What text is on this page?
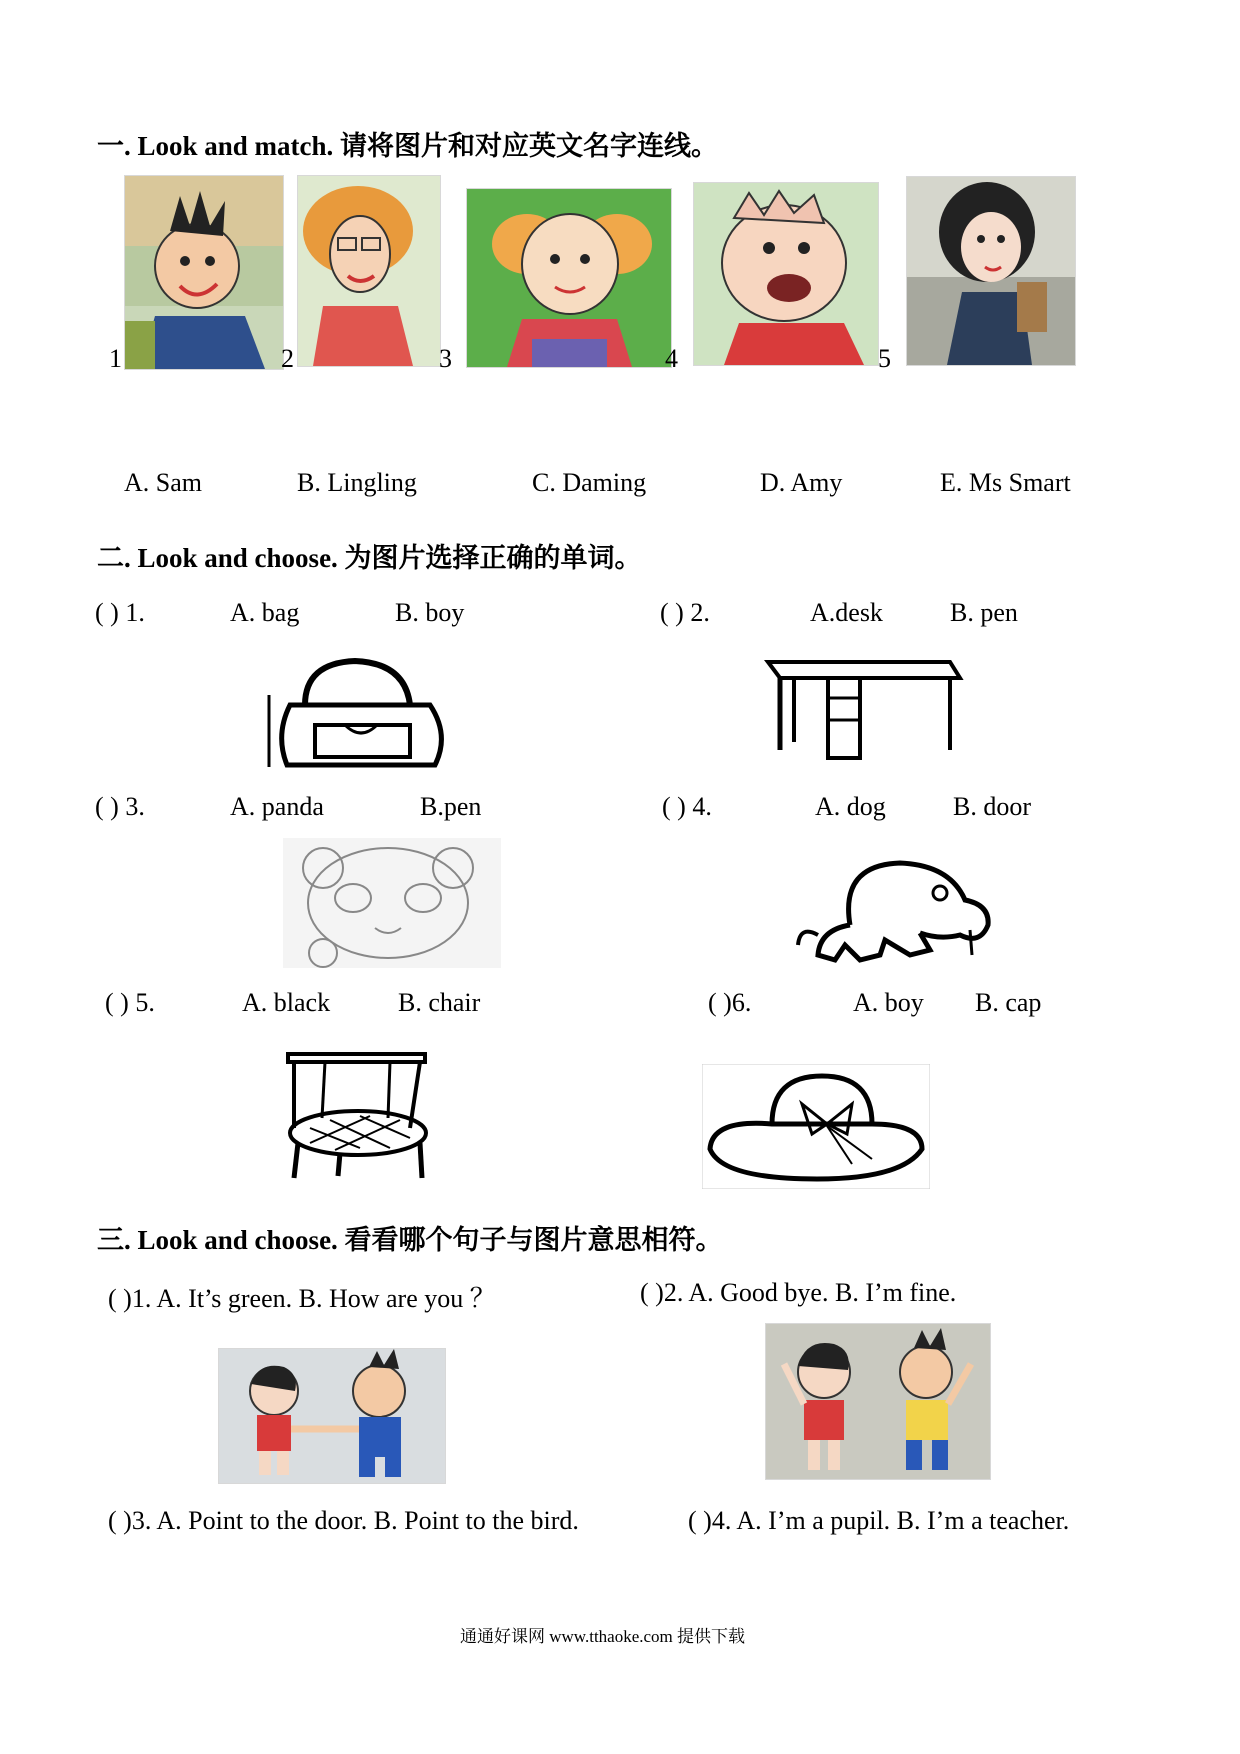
一. Look and match. 请将图片和对应英文名字连线。
1	2	3	4	5
A. Sam	B. Lingling	C. Daming	D. Amy	E. Ms Smart
二. Look and choose. 为图片选择正确的单词。
( ) 1.	A. bag	B. boy	( ) 2.	A.desk	B. pen
( ) 3.	A. panda	B.pen	( ) 4.	A. dog	B. door
( ) 5.	A. black	B. chair	( )6.	A. boy B. cap
三. Look and choose. 看看哪个句子与图片意思相符。
( )1. A. It’s green. B. How are you ？	( )2. A. Good bye. B. I’m fine.
( )3. A. Point to the door. B. Point to the bird.	( )4. A. I’m a pupil. B. I’m a teacher.
通通好课网 www.tthaoke.com 提供下载
